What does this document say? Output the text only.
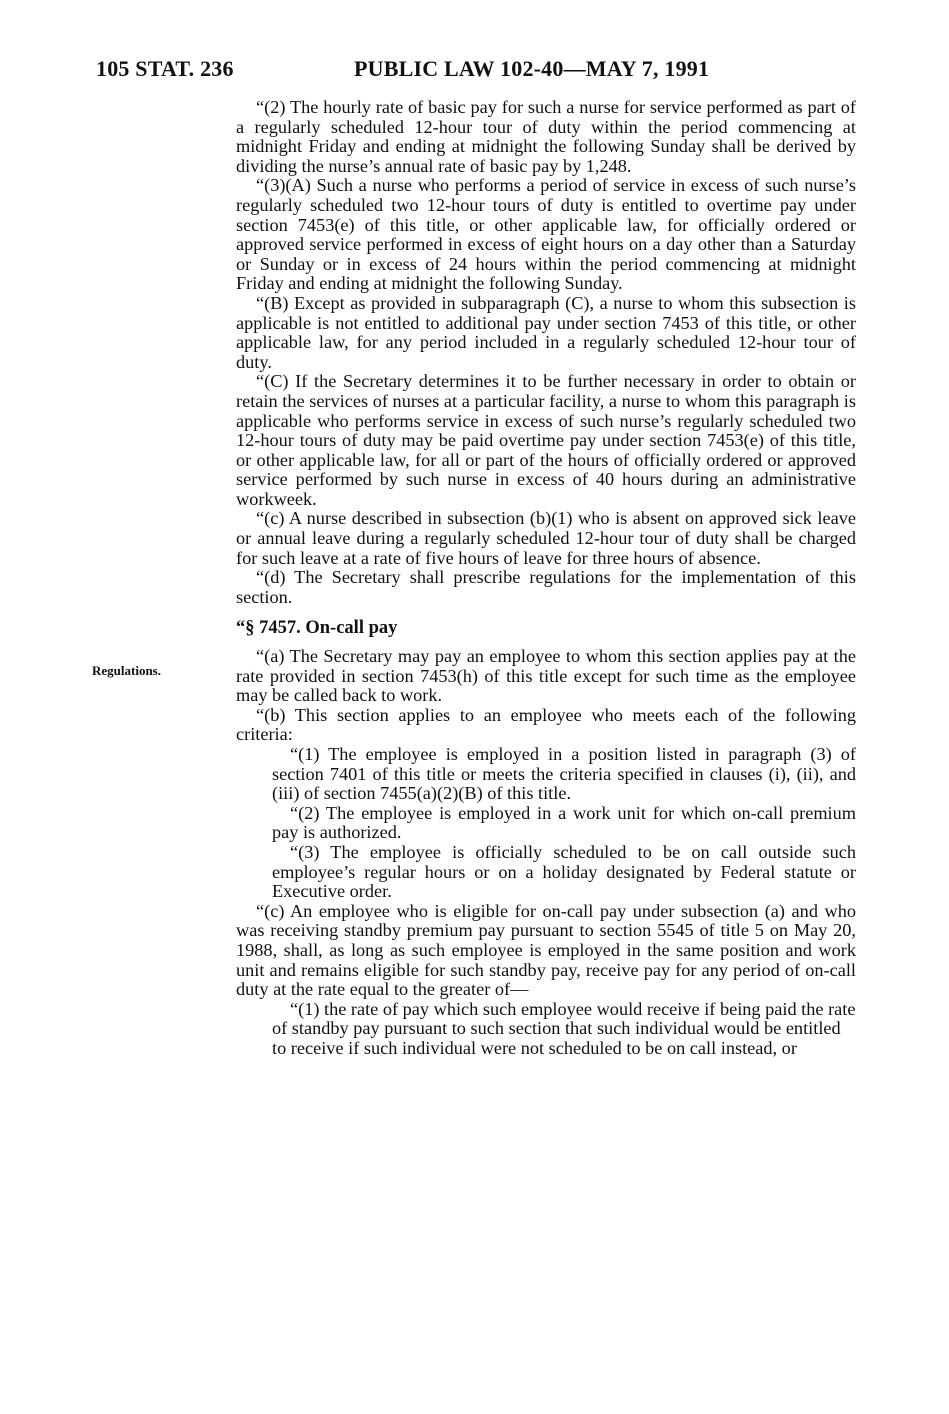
105 STAT. 236	PUBLIC LAW 102-40—MAY 7, 1991
Regulations.

“(2) The hourly rate of basic pay for such a nurse for service performed as part of a regularly scheduled 12-hour tour of duty within the period commencing at midnight Friday and ending at midnight the following Sunday shall be derived by dividing the nurse’s annual rate of basic pay by 1,248.

“(3)(A) Such a nurse who performs a period of service in excess of such nurse’s regularly scheduled two 12-hour tours of duty is entitled to overtime pay under section 7453(e) of this title, or other applicable law, for officially ordered or approved service performed in excess of eight hours on a day other than a Saturday or Sunday or in excess of 24 hours within the period commencing at midnight Friday and ending at midnight the following Sunday.

“(B) Except as provided in subparagraph (C), a nurse to whom this subsection is applicable is not entitled to additional pay under section 7453 of this title, or other applicable law, for any period included in a regularly scheduled 12-hour tour of duty.

“(C) If the Secretary determines it to be further necessary in order to obtain or retain the services of nurses at a particular facility, a nurse to whom this paragraph is applicable who performs service in excess of such nurse’s regularly scheduled two 12-hour tours of duty may be paid overtime pay under section 7453(e) of this title, or other applicable law, for all or part of the hours of officially ordered or approved service performed by such nurse in excess of 40 hours during an administrative workweek.

“(c) A nurse described in subsection (b)(1) who is absent on approved sick leave or annual leave during a regularly scheduled 12-hour tour of duty shall be charged for such leave at a rate of five hours of leave for three hours of absence.

“(d) The Secretary shall prescribe regulations for the implementation of this section.

“§ 7457. On-call pay

“(a) The Secretary may pay an employee to whom this section applies pay at the rate provided in section 7453(h) of this title except for such time as the employee may be called back to work.

“(b) This section applies to an employee who meets each of the following criteria:

“(1) The employee is employed in a position listed in paragraph (3) of section 7401 of this title or meets the criteria specified in clauses (i), (ii), and (iii) of section 7455(a)(2)(B) of this title.

“(2) The employee is employed in a work unit for which on-call premium pay is authorized.

“(3) The employee is officially scheduled to be on call outside such employee’s regular hours or on a holiday designated by Federal statute or Executive order.

“(c) An employee who is eligible for on-call pay under subsection (a) and who was receiving standby premium pay pursuant to section 5545 of title 5 on May 20, 1988, shall, as long as such employee is employed in the same position and work unit and remains eligible for such standby pay, receive pay for any period of on-call duty at the rate equal to the greater of—

“(1) the rate of pay which such employee would receive if being paid the rate of standby pay pursuant to such section that such individual would be entitled to receive if such individual were not scheduled to be on call instead, or
